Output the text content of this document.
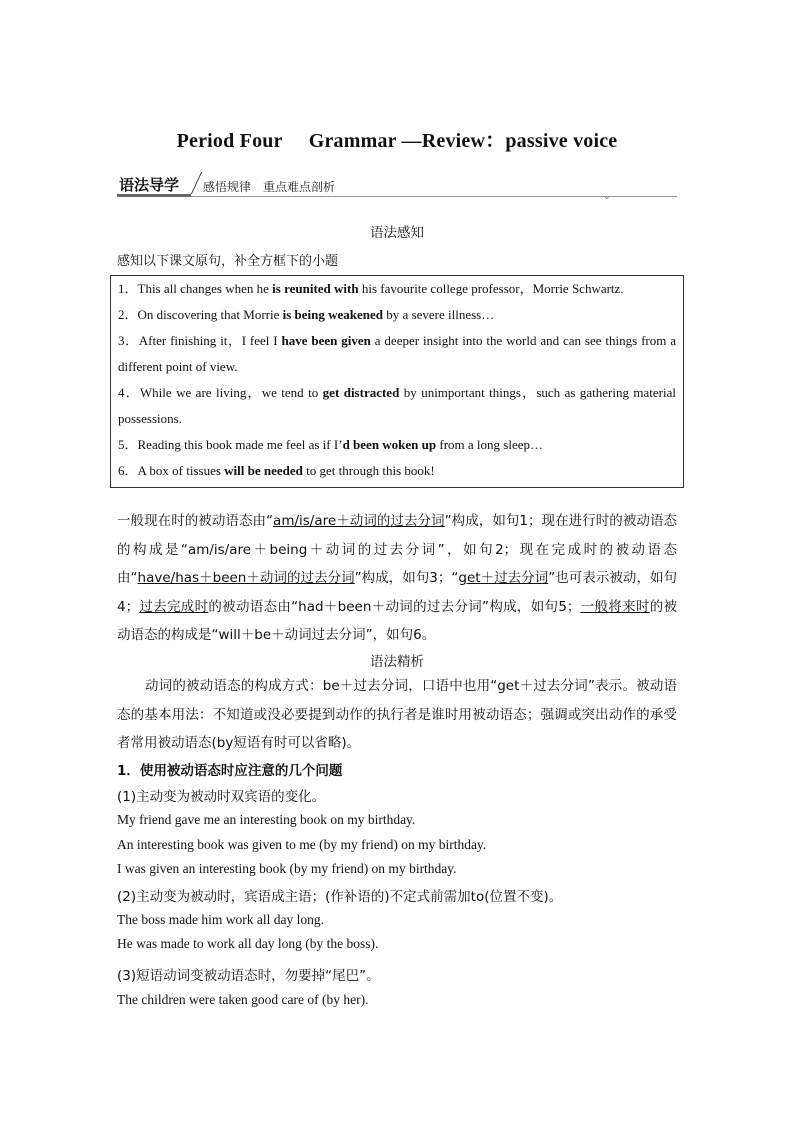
Period Four Grammar —Review：passive voice
语法导学 感悟规律　重点难点剖析
⌄
语法感知
感知以下课文原句，补全方框下的小题

1．This all changes when he is reunited with his favourite college professor，Morrie Schwartz.

2．On discovering that Morrie is being weakened by a severe illness…

3．After finishing it，I feel I have been given a deeper insight into the world and can see things from a different point of view.

4．While we are living，we tend to get distracted by unimportant things，such as gathering material possessions.

5．Reading this book made me feel as if I’d been woken up from a long sleep…

6．A box of tissues will be needed to get through this book!

一般现在时的被动语态由“am/is/are＋动词的过去分词”构成，如句1；现在进行时的被动语态的构成是“am/is/are＋being＋动词的过去分词”，如句2；现在完成时的被动语态由“have/has＋been＋动词的过去分词”构成，如句3；“get＋过去分词”也可表示被动，如句4；过去完成时的被动语态由“had＋been＋动词的过去分词”构成，如句5；一般将来时的被动语态的构成是“will＋be＋动词过去分词”，如句6。
语法精析
动词的被动语态的构成方式：be＋过去分词，口语中也用“get＋过去分词”表示。被动语态的基本用法：不知道或没必要提到动作的执行者是谁时用被动语态；强调或突出动作的承受者常用被动语态(by短语有时可以省略)。
1．使用被动语态时应注意的几个问题
(1)主动变为被动时双宾语的变化。
My friend gave me an interesting book on my birthday.
An interesting book was given to me (by my friend) on my birthday.
I was given an interesting book (by my friend) on my birthday.
(2)主动变为被动时，宾语成主语；(作补语的)不定式前需加to(位置不变)。
The boss made him work all day long.
He was made to work all day long (by the boss).
(3)短语动词变被动语态时，勿要掉“尾巴”。
The children were taken good care of (by her).
